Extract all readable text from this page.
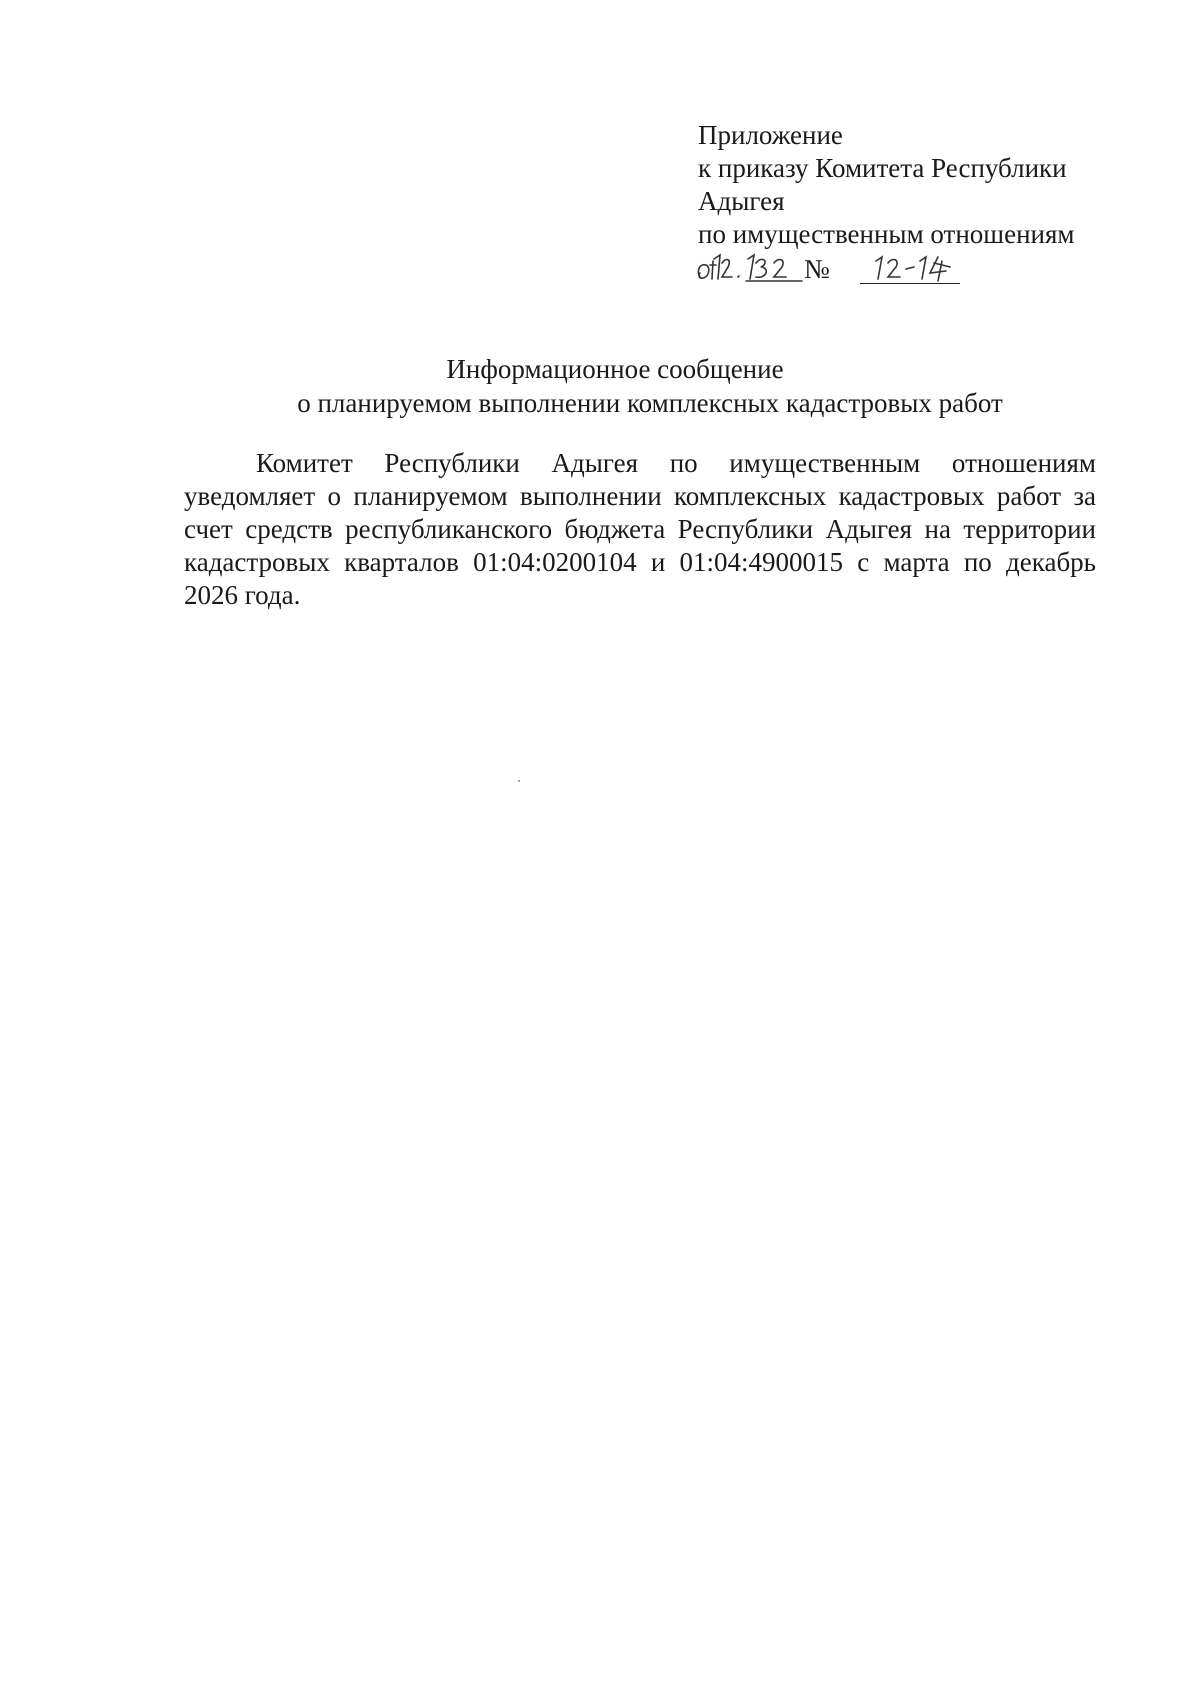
Приложение
к приказу Комитета Республики
Адыгея
по имущественным отношениям
№
Информационное сообщение
о планируемом выполнении комплексных кадастровых работ

Комитет Республики Адыгея по имущественным отношениям уведомляет о планируемом выполнении комплексных кадастровых работ за счет средств республиканского бюджета Республики Адыгея на территории кадастровых кварталов 01:04:0200104 и 01:04:4900015 с марта по декабрь 2026 года.
